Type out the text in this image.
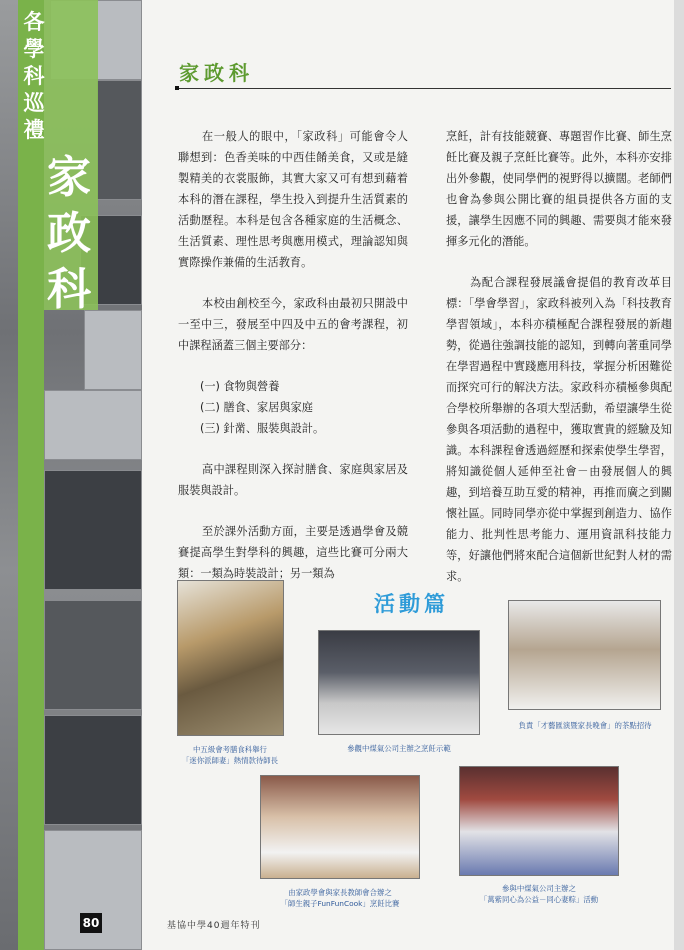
各學科巡禮
家政科
家政科

在一般人的眼中，「家政科」可能會令人聯想到：色香美味的中西佳餚美食，又或是縫製精美的衣裳服飾，其實大家又可有想到藉着本科的潛在課程，學生投入到提升生活質素的活動歷程。本科是包含各種家庭的生活概念、生活質素、理性思考與應用模式，理論認知與實際操作兼備的生活教育。

本校由創校至今，家政科由最初只開設中一至中三，發展至中四及中五的會考課程，初中課程涵蓋三個主要部分：

(一) 食物與營養
(二) 膳食、家居與家庭
(三) 針黹、服裝與設計。

高中課程則深入探討膳食、家庭與家居及服裝與設計。

至於課外活動方面，主要是透過學會及競賽提高學生對學科的興趣，這些比賽可分兩大類：一類為時裝設計；另一類為

烹飪，計有技能競賽、專題習作比賽、師生烹飪比賽及親子烹飪比賽等。此外，本科亦安排出外參觀，使同學們的視野得以擴闊。老師們也會為參與公開比賽的組員提供各方面的支援，讓學生因應不同的興趣、需要與才能來發揮多元化的潛能。

為配合課程發展議會提倡的教育改革目標：「學會學習」，家政科被列入為「科技教育學習領域」，本科亦積極配合課程發展的新趨勢，從過往強調技能的認知，到轉向著重同學在學習過程中實踐應用科技，掌握分析困難從而探究可行的解決方法。家政科亦積極參與配合學校所舉辦的各項大型活動，希望讓學生從參與各項活動的過程中，獲取實貴的經驗及知識。本科課程會透過經歷和探索使學生學習，將知識從個人延伸至社會－由發展個人的興趣，到培養互助互愛的精神，再推而廣之到關懷社區。同時同學亦從中掌握到創造力、協作能力、批判性思考能力、運用資訊科技能力等，好讓他們將來配合這個新世紀對人材的需求。

活動篇
中五級會考膳食科舉行
「迷你派師妻」熱情款待師長
參觀中煤氣公司主辦之烹飪示範
負責「才藝匯演暨家長晚會」的茶點招待
由家政學會與家長教師會合辦之
「師生親子FunFunCook」烹飪比賽
參與中煤氣公司主辦之
「萬紫同心為公益－同心妻粽」活動
80	基協中學40週年特刊
